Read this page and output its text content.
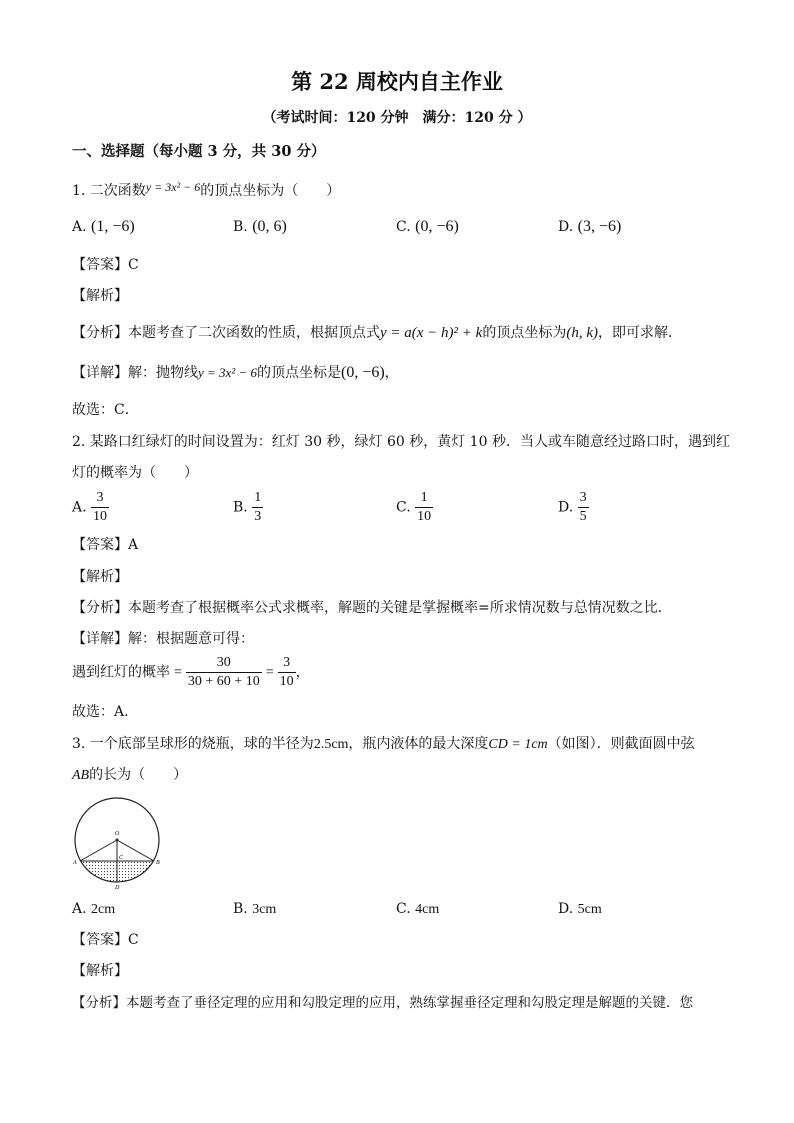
第 22 周校内自主作业
（考试时间：120 分钟　满分：120 分 ）
一、选择题（每小题 3 分，共 30 分）
1. 二次函数y = 3x² − 6的顶点坐标为（　　）
A. (1, −6)	B. (0, 6)	C. (0, −6)	D. (3, −6)
【答案】C
【解析】
【分析】本题考查了二次函数的性质，根据顶点式y = a(x − h)² + k的顶点坐标为(h, k)，即可求解．
【详解】解：抛物线y = 3x² − 6的顶点坐标是(0, −6)，
故选：C．
2. 某路口红绿灯的时间设置为：红灯 30 秒，绿灯 60 秒，黄灯 10 秒．当人或车随意经过路口时，遇到红
灯的概率为（　　）
A. $\frac{3}{10}$	B. $\frac{1}{3}$	C. $\frac{1}{10}$	D. $\frac{3}{5}$
【答案】A
【解析】
【分析】本题考查了根据概率公式求概率，解题的关键是掌握概率=所求情况数与总情况数之比．
【详解】解：根据题意可得：
遇到红灯的概率 = $\frac{30}{30 + 60 + 10} = \frac{3}{10}$ ，
故选：A．
3. 一个底部呈球形的烧瓶，球的半径为2.5cm，瓶内液体的最大深度CD = 1cm（如图）．则截面圆中弦
AB的长为（　　）
O
A	B
C
D
A. 2cm	B. 3cm	C. 4cm	D. 5cm
【答案】C
【解析】
【分析】本题考查了垂径定理的应用和勾股定理的应用，熟练掌握垂径定理和勾股定理是解题的关键．您
